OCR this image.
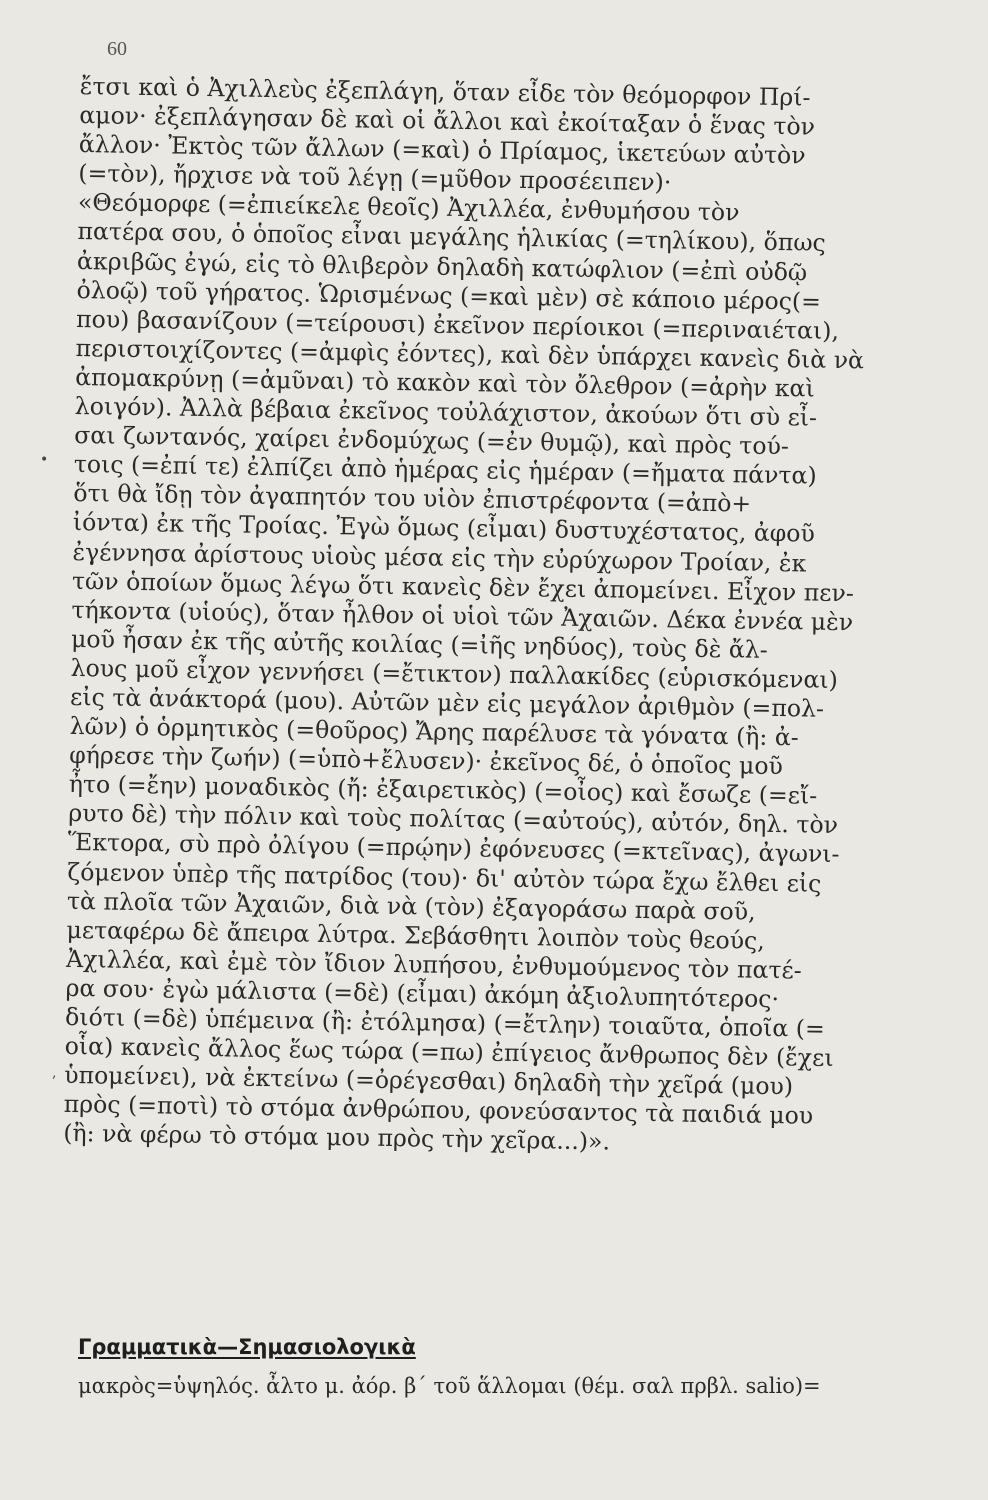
60
ἔτσι καὶ ὁ Ἀχιλλεὺς ἐξεπλάγη, ὅταν εἶδε τὸν θεόμορφον Πρί-
αμον· ἐξεπλάγησαν δὲ καὶ οἱ ἄλλοι καὶ ἐκοίταξαν ὁ ἕνας τὸν
ἄλλον· Ἐκτὸς τῶν ἄλλων (=καὶ) ὁ Πρίαμος, ἱκετεύων αὐτὸν
(=τὸν), ἤρχισε νὰ τοῦ λέγῃ (=μῦθον προσέειπεν)·
«Θεόμορφε (=ἐπιείκελε θεοῖς) Ἀχιλλέα, ἐνθυμήσου τὸν
πατέρα σου, ὁ ὁποῖος εἶναι μεγάλης ἡλικίας (=τηλίκου), ὅπως
ἀκριβῶς ἐγώ, εἰς τὸ θλιβερὸν δηλαδὴ κατώφλιον (=ἐπὶ οὐδῷ
ὀλοῷ) τοῦ γήρατος. Ὡρισμένως (=καὶ μὲν) σὲ κάποιο μέρος(=
που) βασανίζουν (=τείρουσι) ἐκεῖνον περίοικοι (=περιναιέται),
περιστοιχίζοντες (=ἀμφὶς ἐόντες), καὶ δὲν ὑπάρχει κανεὶς διὰ νὰ
ἀπομακρύνῃ (=ἀμῦναι) τὸ κακὸν καὶ τὸν ὄλεθρον (=ἀρὴν καὶ
λοιγόν). Ἀλλὰ βέβαια ἐκεῖνος τοὐλάχιστον, ἀκούων ὅτι σὺ εἶ-
σαι ζωντανός, χαίρει ἐνδομύχως (=ἐν θυμῷ), καὶ πρὸς τού-
τοις (=ἐπί τε) ἐλπίζει ἀπὸ ἡμέρας εἰς ἡμέραν (=ἤματα πάντα)
ὅτι θὰ ἴδῃ τὸν ἀγαπητόν του υἱὸν ἐπιστρέφοντα (=ἀπὸ+
ἰόντα) ἐκ τῆς Τροίας. Ἐγὼ ὅμως (εἶμαι) δυστυχέστατος, ἀφοῦ
ἐγέννησα ἀρίστους υἱοὺς μέσα εἰς τὴν εὐρύχωρον Τροίαν, ἐκ
τῶν ὁποίων ὅμως λέγω ὅτι κανεὶς δὲν ἔχει ἀπομείνει. Εἶχον πεν-
τήκοντα (υἱούς), ὅταν ἦλθον οἱ υἱοὶ τῶν Ἀχαιῶν. Δέκα ἐννέα μὲν
μοῦ ἦσαν ἐκ τῆς αὐτῆς κοιλίας (=ἰῆς νηδύος), τοὺς δὲ ἄλ-
λους μοῦ εἶχον γεννήσει (=ἔτικτον) παλλακίδες (εὑρισκόμεναι)
εἰς τὰ ἀνάκτορά (μου). Αὐτῶν μὲν εἰς μεγάλον ἀριθμὸν (=πολ-
λῶν) ὁ ὁρμητικὸς (=θοῦρος) Ἄρης παρέλυσε τὰ γόνατα (ἢ: ἀ-
φήρεσε τὴν ζωήν) (=ὑπὸ+ἔλυσεν)· ἐκεῖνος δέ, ὁ ὁποῖος μοῦ
ἦτο (=ἔην) μοναδικὸς (ἤ: ἐξαιρετικὸς) (=οἶος) καὶ ἔσωζε (=εἴ-
ρυτο δὲ) τὴν πόλιν καὶ τοὺς πολίτας (=αὐτούς), αὐτόν, δηλ. τὸν
Ἕκτορα, σὺ πρὸ ὀλίγου (=πρῴην) ἐφόνευσες (=κτεῖνας), ἀγωνι-
ζόμενον ὑπὲρ τῆς πατρίδος (του)· δι' αὐτὸν τώρα ἔχω ἔλθει εἰς
τὰ πλοῖα τῶν Ἀχαιῶν, διὰ νὰ (τὸν) ἐξαγοράσω παρὰ σοῦ,
μεταφέρω δὲ ἄπειρα λύτρα. Σεβάσθητι λοιπὸν τοὺς θεούς,
Ἀχιλλέα, καὶ ἐμὲ τὸν ἴδιον λυπήσου, ἐνθυμούμενος τὸν πατέ-
ρα σου· ἐγὼ μάλιστα (=δὲ) (εἶμαι) ἀκόμη ἀξιολυπητότερος·
διότι (=δὲ) ὑπέμεινα (ἢ: ἐτόλμησα) (=ἔτλην) τοιαῦτα, ὁποῖα (=
οἷα) κανεὶς ἄλλος ἕως τώρα (=πω) ἐπίγειος ἄνθρωπος δὲν (ἔχει
ὑπομείνει), νὰ ἐκτείνω (=ὀρέγεσθαι) δηλαδὴ τὴν χεῖρά (μου)
πρὸς (=ποτὶ) τὸ στόμα ἀνθρώπου, φονεύσαντος τὰ παιδιά μου
(ἢ: νὰ φέρω τὸ στόμα μου πρὸς τὴν χεῖρα...)».
•
,
Γραμματικὰ—Σημασιολογικὰ
μακρὸς=ὑψηλός. ἆλτο μ. ἀόρ. β΄ τοῦ ἅλλομαι (θέμ. σαλ πρβλ. salio)=
